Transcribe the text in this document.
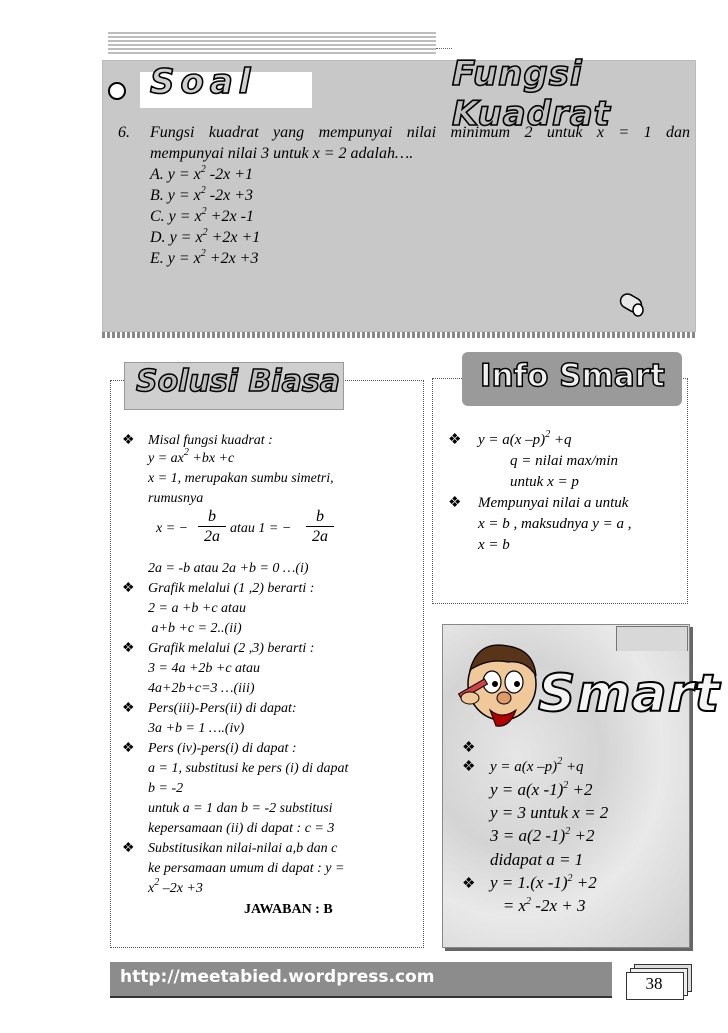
Soal	Fungsi Kuadrat
6. Fungsi kuadrat yang mempunyai nilai minimum 2 untuk x = 1 dan
mempunyai nilai 3 untuk x = 2 adalah….
A. $y = x^2$ -2x +1
B. $y = x^2$ -2x +3
C. $y = x^2 +2x$ -1
D. $y = x^2 +2x +1$
E. $y = x^2 +2x +3$
Solusi Biasa
❖ Misal fungsi kuadrat :
$y = ax^2 +bx +c$
x = 1, merupakan sumbu simetri,
rumusnya
x = −
b
2a atau 1 = −
b
2a
2a = -b atau 2a +b = 0 …(i)
❖ Grafik melalui (1 ,2) berarti :
2 = a +b +c atau
a+b +c = 2..(ii)
❖ Grafik melalui (2 ,3) berarti :
3 = 4a +2b +c atau
4a+2b+c=3 …(iii)
❖ Pers(iii)-Pers(ii) di dapat:
3a +b = 1 ….(iv)
❖ Pers (iv)-pers(i) di dapat :
a = 1, substitusi ke pers (i) di dapat
b = -2
untuk a = 1 dan b = -2 substitusi
kepersamaan (ii) di dapat : c = 3
❖ Substitusikan nilai-nilai a,b dan c
ke persamaan umum di dapat : y =
$x^2$ –2x +3
JAWABAN : B
Info Smart
❖ y = a(x –p)$^2$ +q
q = nilai max/min
untuk x = p
❖ Mempunyai nilai a untuk
x = b , maksudnya y = a ,
x = b
Smart
❖
❖ y = a(x –p)$^2$ +q
y = a(x -1)$^2$ +2
y = 3 untuk x = 2
3 = a(2 -1)$^2$ +2
didapat a = 1
❖ y = 1.(x -1)$^2$ +2
= $x^2$ -2x + 3
http://meetabied.wordpress.com	38
